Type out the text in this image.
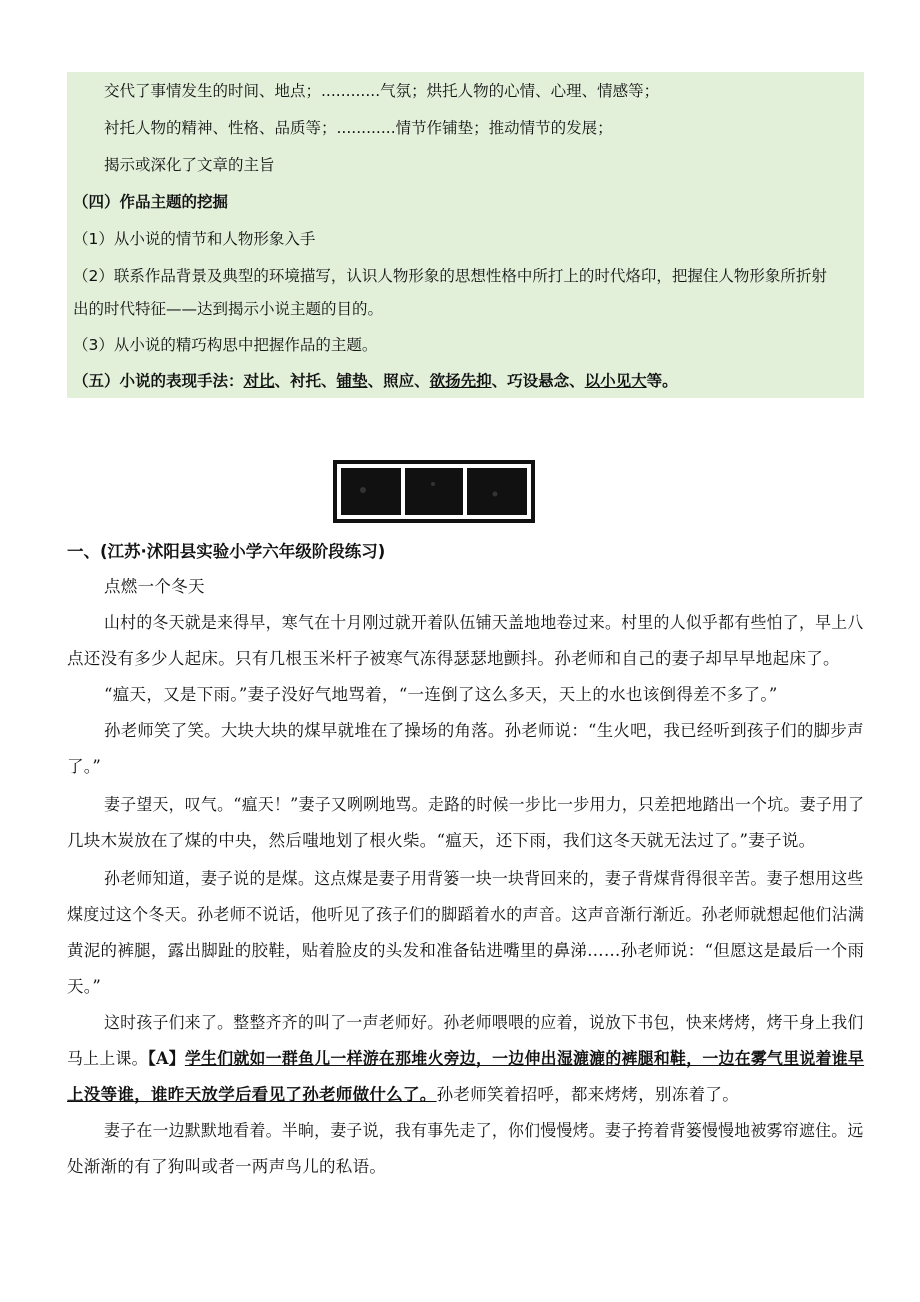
交代了事情发生的时间、地点；............气氛；烘托人物的心情、心理、情感等；
衬托人物的精神、性格、品质等；............情节作铺垫；推动情节的发展；
揭示或深化了文章的主旨
（四）作品主题的挖掘
（1）从小说的情节和人物形象入手
（2）联系作品背景及典型的环境描写，认识人物形象的思想性格中所打上的时代烙印，把握住人物形象所折射
出的时代特征——达到揭示小说主题的目的。
（3）从小说的精巧构思中把握作品的主题。
（五）小说的表现手法：对比、衬托、铺垫、照应、欲扬先抑、巧设悬念、以小见大等。
一、(江苏·沭阳县实验小学六年级阶段练习)
点燃一个冬天
山村的冬天就是来得早，寒气在十月刚过就开着队伍铺天盖地地卷过来。村里的人似乎都有些怕了，早上八
点还没有多少人起床。只有几根玉米杆子被寒气冻得瑟瑟地颤抖。孙老师和自己的妻子却早早地起床了。
“瘟天，又是下雨。”妻子没好气地骂着，“一连倒了这么多天，天上的水也该倒得差不多了。”
孙老师笑了笑。大块大块的煤早就堆在了操场的角落。孙老师说：“生火吧，我已经听到孩子们的脚步声
了。”
妻子望天，叹气。“瘟天！”妻子又咧咧地骂。走路的时候一步比一步用力，只差把地踏出一个坑。妻子用了
几块木炭放在了煤的中央，然后嗤地划了根火柴。“瘟天，还下雨，我们这冬天就无法过了。”妻子说。
孙老师知道，妻子说的是煤。这点煤是妻子用背篓一块一块背回来的，妻子背煤背得很辛苦。妻子想用这些
煤度过这个冬天。孙老师不说话，他听见了孩子们的脚蹈着水的声音。这声音渐行渐近。孙老师就想起他们沾满
黄泥的裤腿，露出脚趾的胶鞋，贴着脸皮的头发和准备钻进嘴里的鼻涕……孙老师说：“但愿这是最后一个雨
天。”
这时孩子们来了。整整齐齐的叫了一声老师好。孙老师喂喂的应着，说放下书包，快来烤烤，烤干身上我们
马上上课。【A】学生们就如一群鱼儿一样游在那堆火旁边，一边伸出湿漉漉的裤腿和鞋，一边在雾气里说着谁早
上没等谁，谁昨天放学后看见了孙老师做什么了。孙老师笑着招呼，都来烤烤，别冻着了。
妻子在一边默默地看着。半晌，妻子说，我有事先走了，你们慢慢烤。妻子挎着背篓慢慢地被雾帘遮住。远
处渐渐的有了狗叫或者一两声鸟儿的私语。
